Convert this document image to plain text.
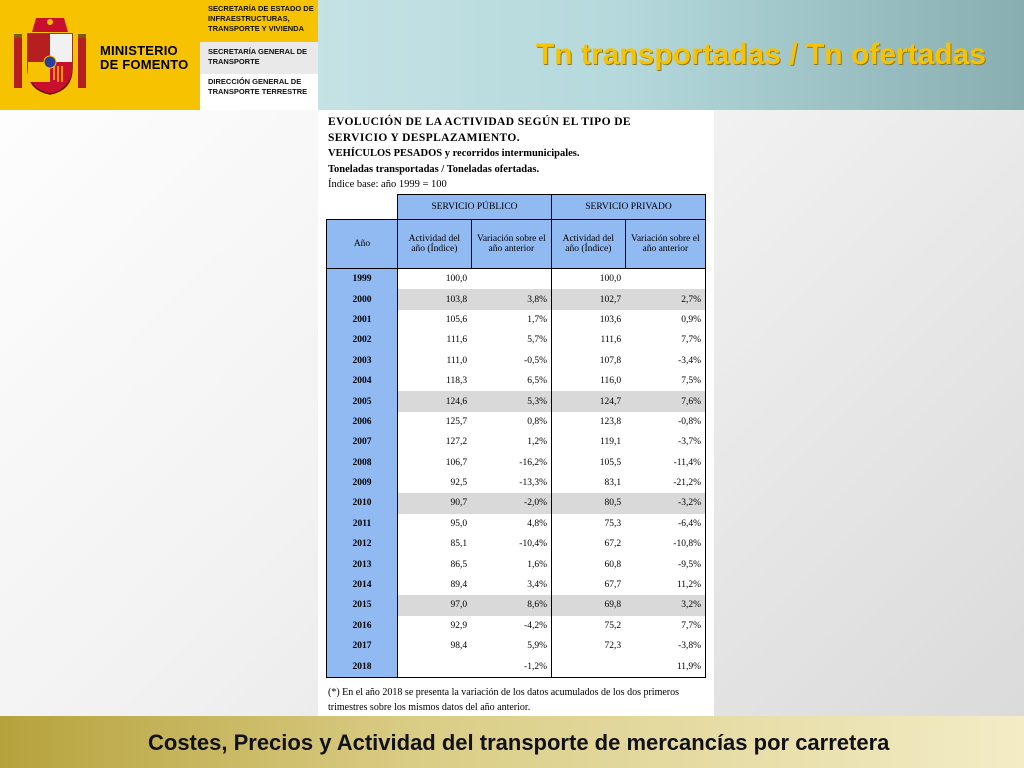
MINISTERIO
DE FOMENTO
SECRETARÍA DE ESTADO DE INFRAESTRUCTURAS, TRANSPORTE Y VIVIENDA
SECRETARÍA GENERAL DE TRANSPORTE
DIRECCIÓN GENERAL DE TRANSPORTE TERRESTRE
Tn transportadas / Tn ofertadas
EVOLUCIÓN DE LA ACTIVIDAD SEGÚN EL TIPO DE SERVICIO Y DESPLAZAMIENTO.
VEHÍCULOS PESADOS y recorridos intermunicipales.
Toneladas transportadas / Toneladas ofertadas.
Índice base: año 1999 = 100
	SERVICIO PÚBLICO		SERVICIO PRIVADO	
Año	Actividad del año (Índice)	Variación sobre el año anterior	Actividad del año (Índice)	Variación sobre el año anterior
1999	100,0		100,0	
2000	103,8	3,8%	102,7	2,7%
2001	105,6	1,7%	103,6	0,9%
2002	111,6	5,7%	111,6	7,7%
2003	111,0	-0,5%	107,8	-3,4%
2004	118,3	6,5%	116,0	7,5%
2005	124,6	5,3%	124,7	7,6%
2006	125,7	0,8%	123,8	-0,8%
2007	127,2	1,2%	119,1	-3,7%
2008	106,7	-16,2%	105,5	-11,4%
2009	92,5	-13,3%	83,1	-21,2%
2010	90,7	-2,0%	80,5	-3,2%
2011	95,0	4,8%	75,3	-6,4%
2012	85,1	-10,4%	67,2	-10,8%
2013	86,5	1,6%	60,8	-9,5%
2014	89,4	3,4%	67,7	11,2%
2015	97,0	8,6%	69,8	3,2%
2016	92,9	-4,2%	75,2	7,7%
2017	98,4	5,9%	72,3	-3,8%
2018		-1,2%		11,9%
(*) En el año 2018 se presenta la variación de los datos acumulados de los dos primeros trimestres sobre los mismos datos del año anterior.
Costes, Precios y Actividad del transporte de mercancías por carretera
